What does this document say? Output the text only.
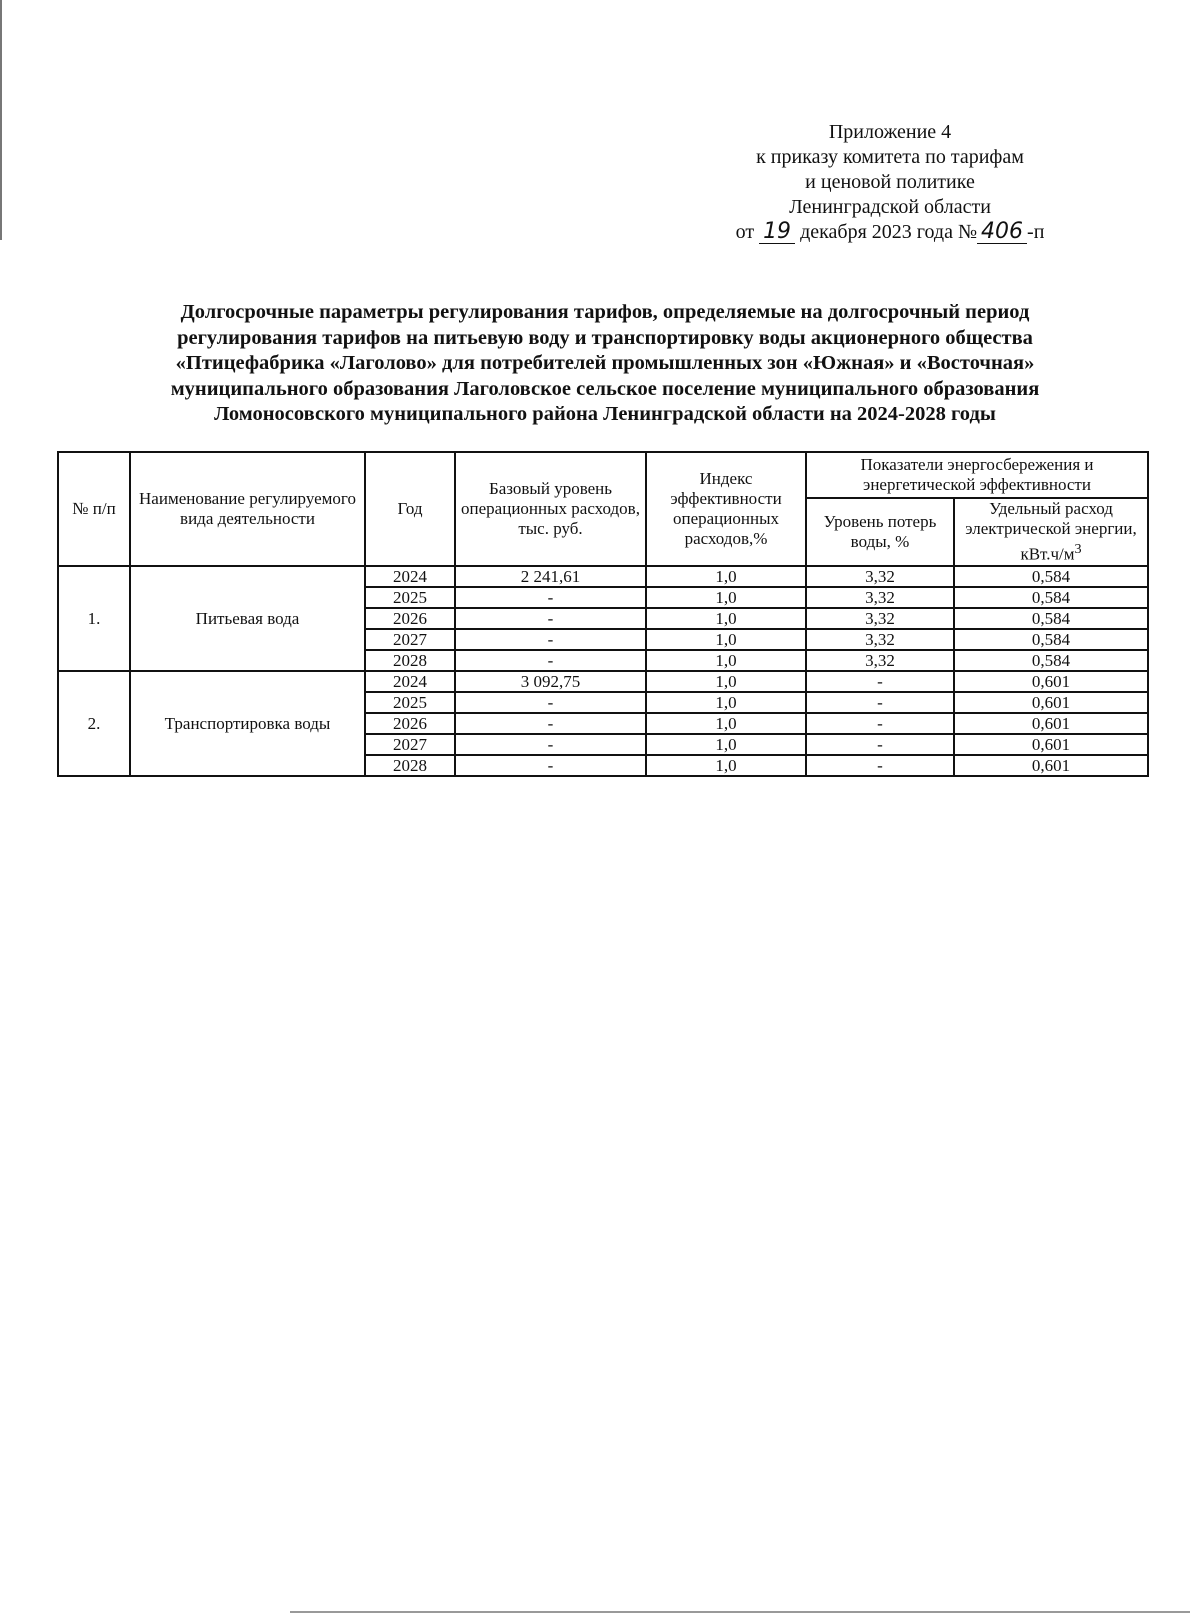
Приложение 4
к приказу комитета по тарифам
и ценовой политике
Ленинградской области
от 19 декабря 2023 года № 406 -п
Долгосрочные параметры регулирования тарифов, определяемые на долгосрочный период
регулирования тарифов на питьевую воду и транспортировку воды акционерного общества
«Птицефабрика «Лаголово» для потребителей промышленных зон «Южная» и «Восточная»
муниципального образования Лаголовское сельское поселение муниципального образования
Ломоносовского муниципального района Ленинградской области на 2024-2028 годы
№ п/п	Наименование регулируемого вида деятельности	Год	Базовый уровень операционных расходов, тыс. руб.	Индекс эффективности операционных расходов,%	Показатели энергосбережения и энергетической эффективности	
					Уровень потерь воды, %	Удельный расход электрической энергии, $кВт.ч/м^3$
1.	Питьевая вода	2024	2 241,61	1,0	3,32	0,584
		2025	-	1,0	3,32	0,584
		2026	-	1,0	3,32	0,584
		2027	-	1,0	3,32	0,584
		2028	-	1,0	3,32	0,584
2.	Транспортировка воды	2024	3 092,75	1,0	-	0,601
		2025	-	1,0	-	0,601
		2026	-	1,0	-	0,601
		2027	-	1,0	-	0,601
		2028	-	1,0	-	0,601
